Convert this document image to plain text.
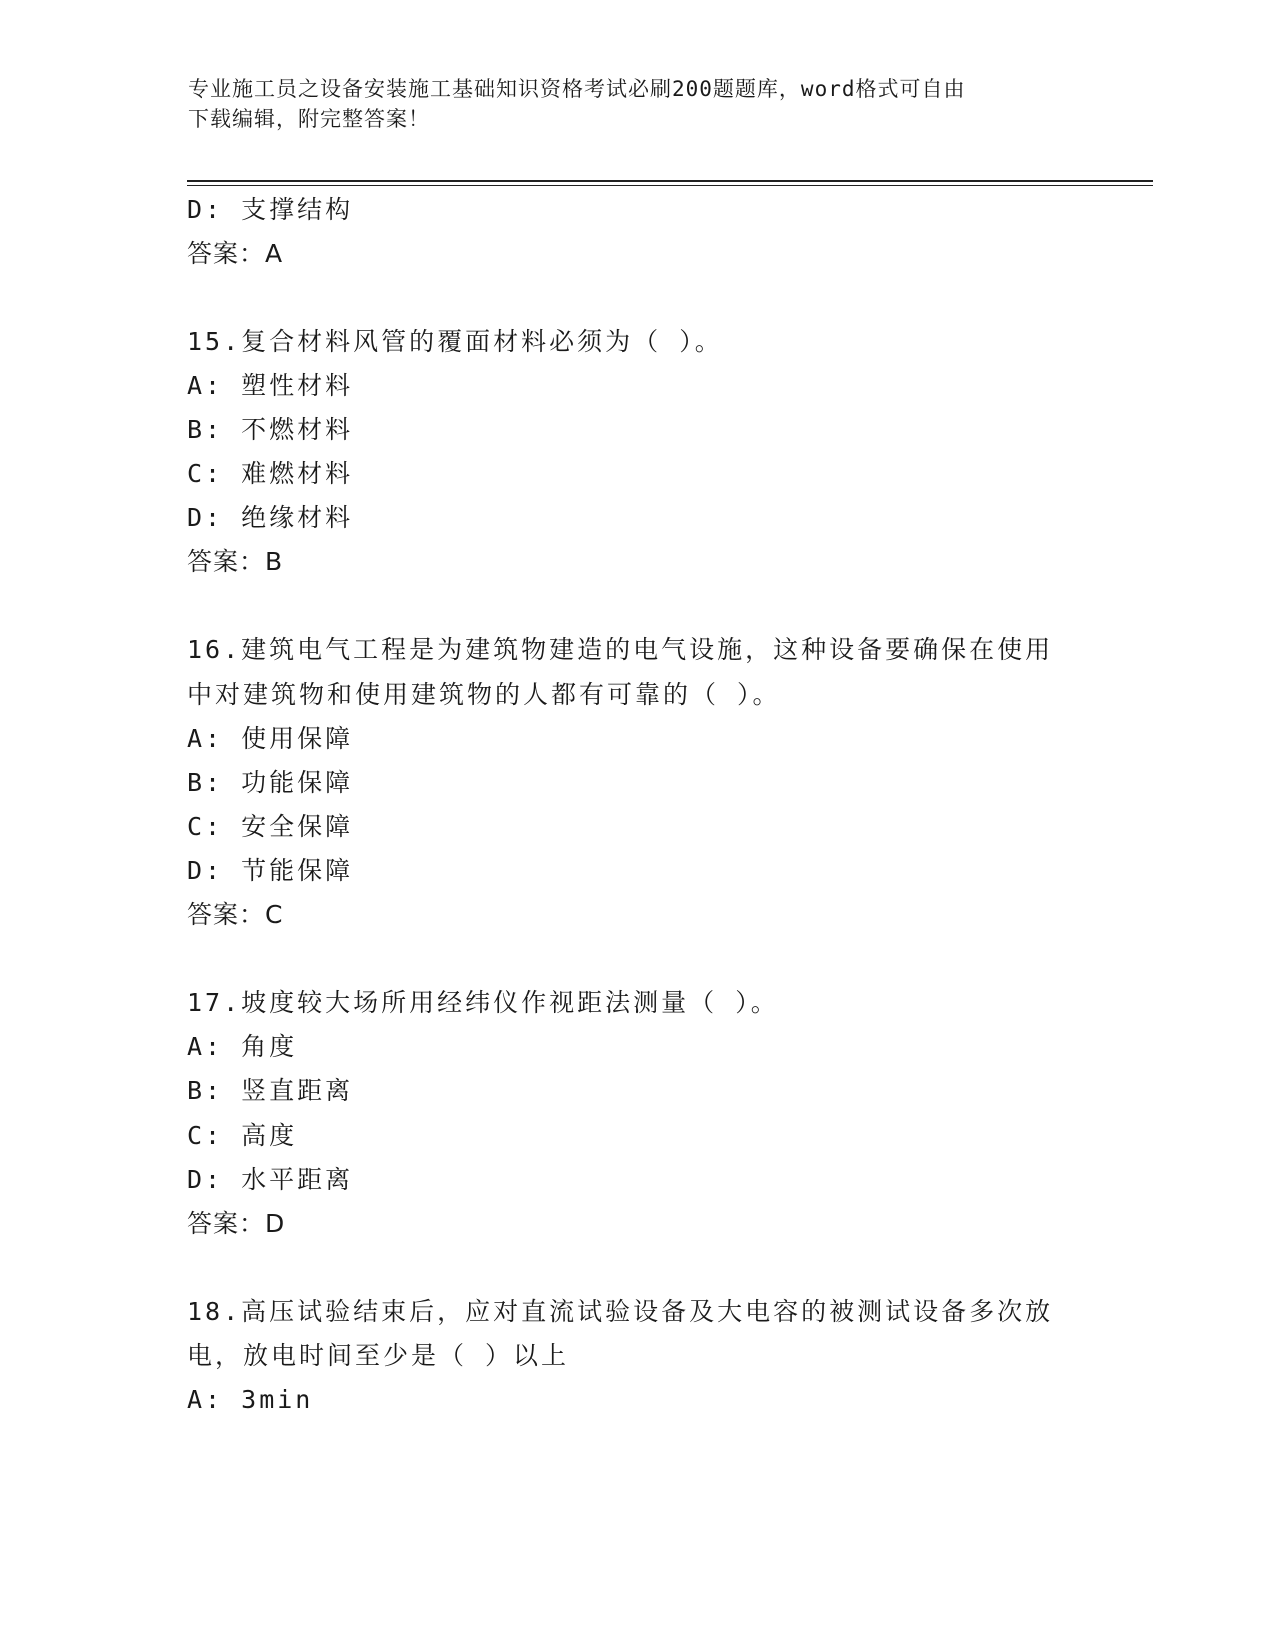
专业施工员之设备安装施工基础知识资格考试必刷200题题库，word格式可自由
下载编辑，附完整答案！
D: 支撑结构
答案：A
15.复合材料风管的覆面材料必须为（ ）。
A: 塑性材料
B: 不燃材料
C: 难燃材料
D: 绝缘材料
答案：B
16.建筑电气工程是为建筑物建造的电气设施，这种设备要确保在使用
中对建筑物和使用建筑物的人都有可靠的（ ）。
A: 使用保障
B: 功能保障
C: 安全保障
D: 节能保障
答案：C
17.坡度较大场所用经纬仪作视距法测量（ ）。
A: 角度
B: 竖直距离
C: 高度
D: 水平距离
答案：D
18.高压试验结束后，应对直流试验设备及大电容的被测试设备多次放
电，放电时间至少是（ ）以上
A: 3min
